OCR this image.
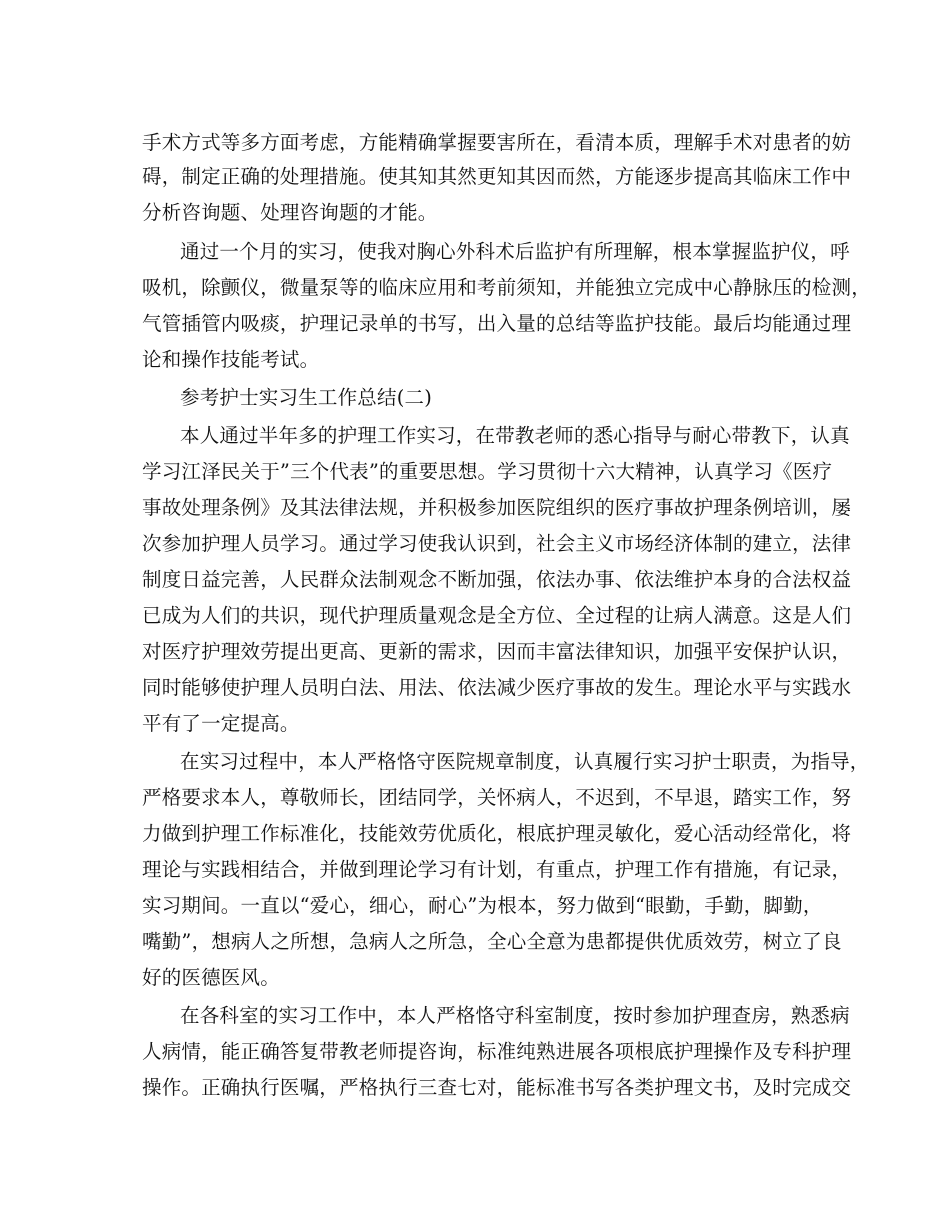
手术方式等多方面考虑，方能精确掌握要害所在，看清本质，理解手术对患者的妨
碍，制定正确的处理措施。使其知其然更知其因而然，方能逐步提高其临床工作中
分析咨询题、处理咨询题的才能。
通过一个月的实习，使我对胸心外科术后监护有所理解，根本掌握监护仪，呼
吸机，除颤仪，微量泵等的临床应用和考前须知，并能独立完成中心静脉压的检测，
气管插管内吸痰，护理记录单的书写，出入量的总结等监护技能。最后均能通过理
论和操作技能考试。
参考护士实习生工作总结(二)
本人通过半年多的护理工作实习，在带教老师的悉心指导与耐心带教下，认真
学习江泽民关于”三个代表”的重要思想。学习贯彻十六大精神，认真学习《医疗
事故处理条例》及其法律法规，并积极参加医院组织的医疗事故护理条例培训，屡
次参加护理人员学习。通过学习使我认识到，社会主义市场经济体制的建立，法律
制度日益完善，人民群众法制观念不断加强，依法办事、依法维护本身的合法权益
已成为人们的共识，现代护理质量观念是全方位、全过程的让病人满意。这是人们
对医疗护理效劳提出更高、更新的需求，因而丰富法律知识，加强平安保护认识，
同时能够使护理人员明白法、用法、依法减少医疗事故的发生。理论水平与实践水
平有了一定提高。
在实习过程中，本人严格恪守医院规章制度，认真履行实习护士职责，为指导，
严格要求本人，尊敬师长，团结同学，关怀病人，不迟到，不早退，踏实工作，努
力做到护理工作标准化，技能效劳优质化，根底护理灵敏化，爱心活动经常化，将
理论与实践相结合，并做到理论学习有计划，有重点，护理工作有措施，有记录，
实习期间。一直以“爱心，细心，耐心”为根本，努力做到“眼勤，手勤，脚勤，
嘴勤”，想病人之所想，急病人之所急，全心全意为患都提供优质效劳，树立了良
好的医德医风。
在各科室的实习工作中，本人严格恪守科室制度，按时参加护理查房，熟悉病
人病情，能正确答复带教老师提咨询，标准纯熟进展各项根底护理操作及专科护理
操作。正确执行医嘱，严格执行三查七对，能标准书写各类护理文书，及时完成交
